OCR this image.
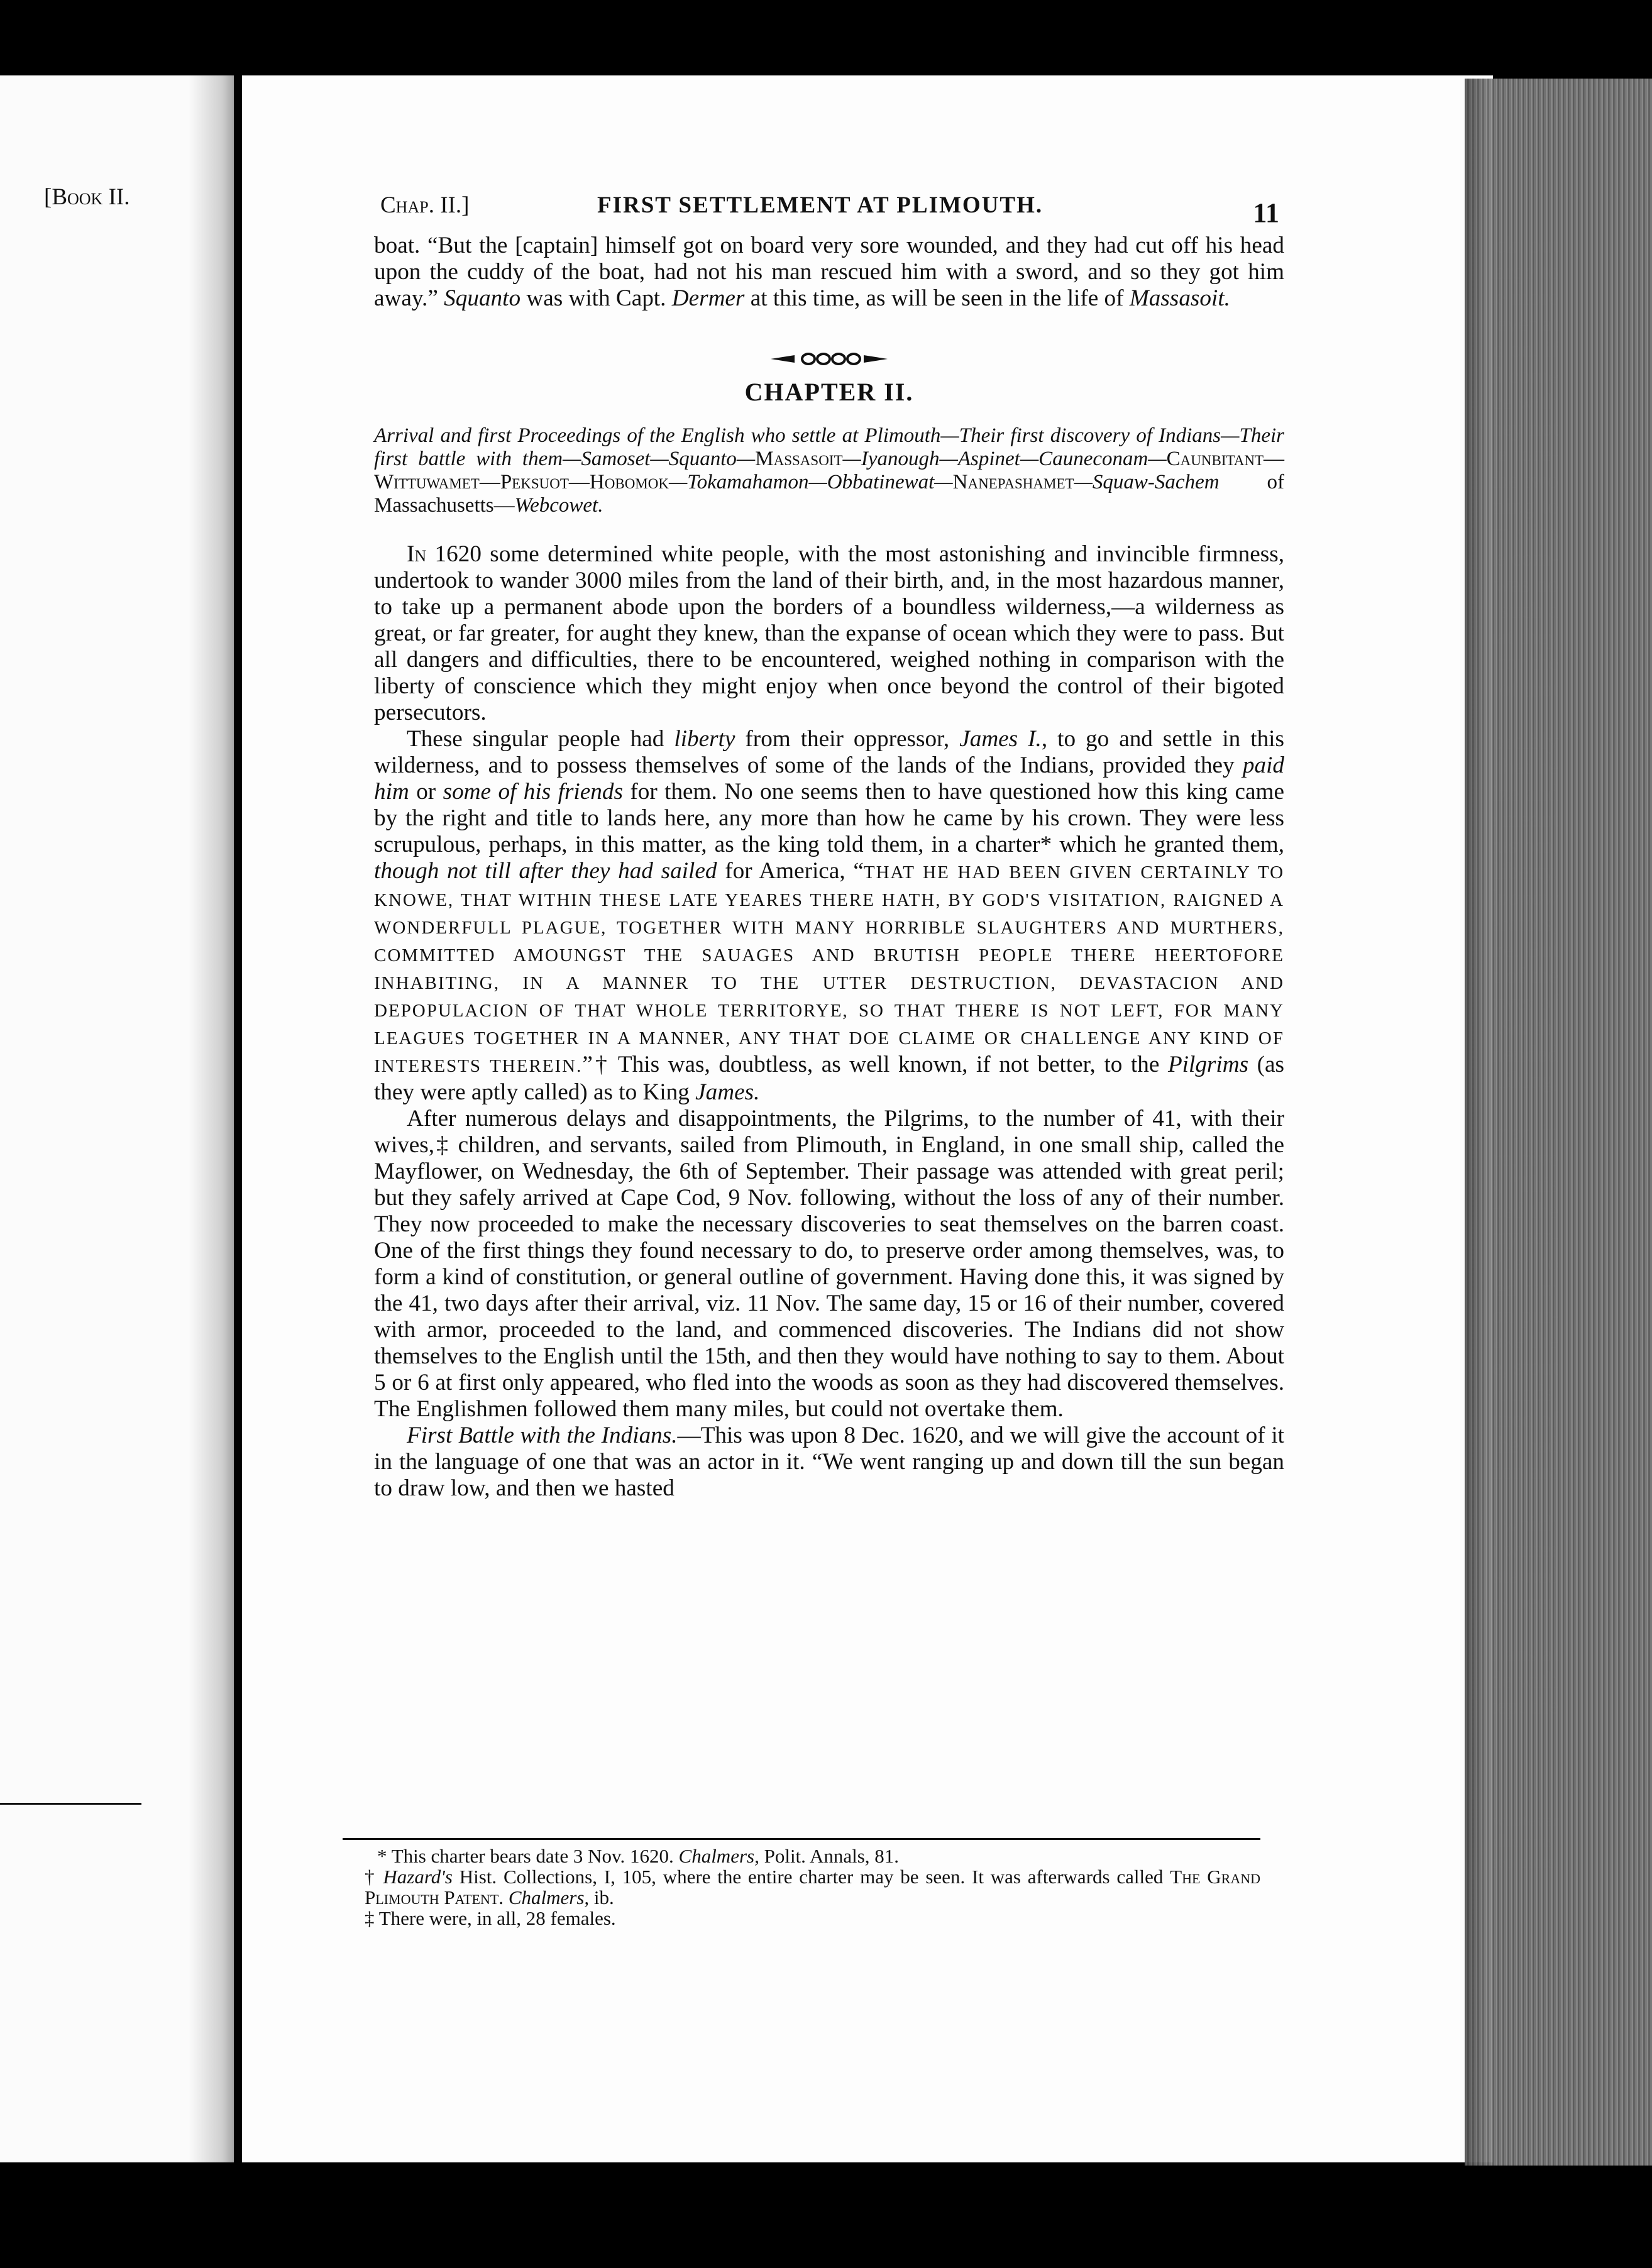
[Book II.

	Chap. II.]	FIRST SETTLEMENT AT PLIMOUTH.	11

boat. “But the [captain] himself got on board very sore wounded, and they had cut off his head upon the cuddy of the boat, had not his man rescued him with a sword, and so they got him away.” Squanto was with Capt. Dermer at this time, as will be seen in the life of Massasoit.

CHAPTER II.

Arrival and first Proceedings of the English who settle at Plimouth—Their first discovery of Indians—Their first battle with them—Samoset—Squanto—Massasoit—Iyanough—Aspinet—Cauneconam—Caunbitant—Wittuwamet—Peksuot—Hobomok—Tokamahamon—Obbatinewat—Nanepashamet—Squaw-Sachem of Massachusetts—Webcowet.

In 1620 some determined white people, with the most astonishing and invincible firmness, undertook to wander 3000 miles from the land of their birth, and, in the most hazardous manner, to take up a permanent abode upon the borders of a boundless wilderness,—a wilderness as great, or far greater, for aught they knew, than the expanse of ocean which they were to pass. But all dangers and difficulties, there to be encountered, weighed nothing in comparison with the liberty of conscience which they might enjoy when once beyond the control of their bigoted persecutors.

These singular people had liberty from their oppressor, James I., to go and settle in this wilderness, and to possess themselves of some of the lands of the Indians, provided they paid him or some of his friends for them. No one seems then to have questioned how this king came by the right and title to lands here, any more than how he came by his crown. They were less scrupulous, perhaps, in this matter, as the king told them, in a charter* which he granted them, though not till after they had sailed for America, “THAT HE HAD BEEN GIVEN CERTAINLY TO KNOWE, THAT WITHIN THESE LATE YEARES THERE HATH, BY GOD'S VISITATION, RAIGNED A WONDERFULL PLAGUE, TOGETHER WITH MANY HORRIBLE SLAUGHTERS AND MURTHERS, COMMITTED AMOUNGST THE SAUAGES AND BRUTISH PEOPLE THERE HEERTOFORE INHABITING, IN A MANNER TO THE UTTER DESTRUCTION, DEVASTACION AND DEPOPULACION OF THAT WHOLE TERRITORYE, SO THAT THERE IS NOT LEFT, FOR MANY LEAGUES TOGETHER IN A MANNER, ANY THAT DOE CLAIME OR CHALLENGE ANY KIND OF INTERESTS THEREIN.”† This was, doubtless, as well known, if not better, to the Pilgrims (as they were aptly called) as to King James.

After numerous delays and disappointments, the Pilgrims, to the number of 41, with their wives,‡ children, and servants, sailed from Plimouth, in England, in one small ship, called the Mayflower, on Wednesday, the 6th of September. Their passage was attended with great peril; but they safely arrived at Cape Cod, 9 Nov. following, without the loss of any of their number. They now proceeded to make the necessary discoveries to seat themselves on the barren coast. One of the first things they found necessary to do, to preserve order among themselves, was, to form a kind of constitution, or general outline of government. Having done this, it was signed by the 41, two days after their arrival, viz. 11 Nov. The same day, 15 or 16 of their number, covered with armor, proceeded to the land, and commenced discoveries. The Indians did not show themselves to the English until the 15th, and then they would have nothing to say to them. About 5 or 6 at first only appeared, who fled into the woods as soon as they had discovered themselves. The Englishmen followed them many miles, but could not overtake them.

First Battle with the Indians.—This was upon 8 Dec. 1620, and we will give the account of it in the language of one that was an actor in it. “We went ranging up and down till the sun began to draw low, and then we hasted

* This charter bears date 3 Nov. 1620. Chalmers, Polit. Annals, 81.

† Hazard's Hist. Collections, I, 105, where the entire charter may be seen. It was afterwards called The Grand Plimouth Patent. Chalmers, ib.

‡ There were, in all, 28 females.
